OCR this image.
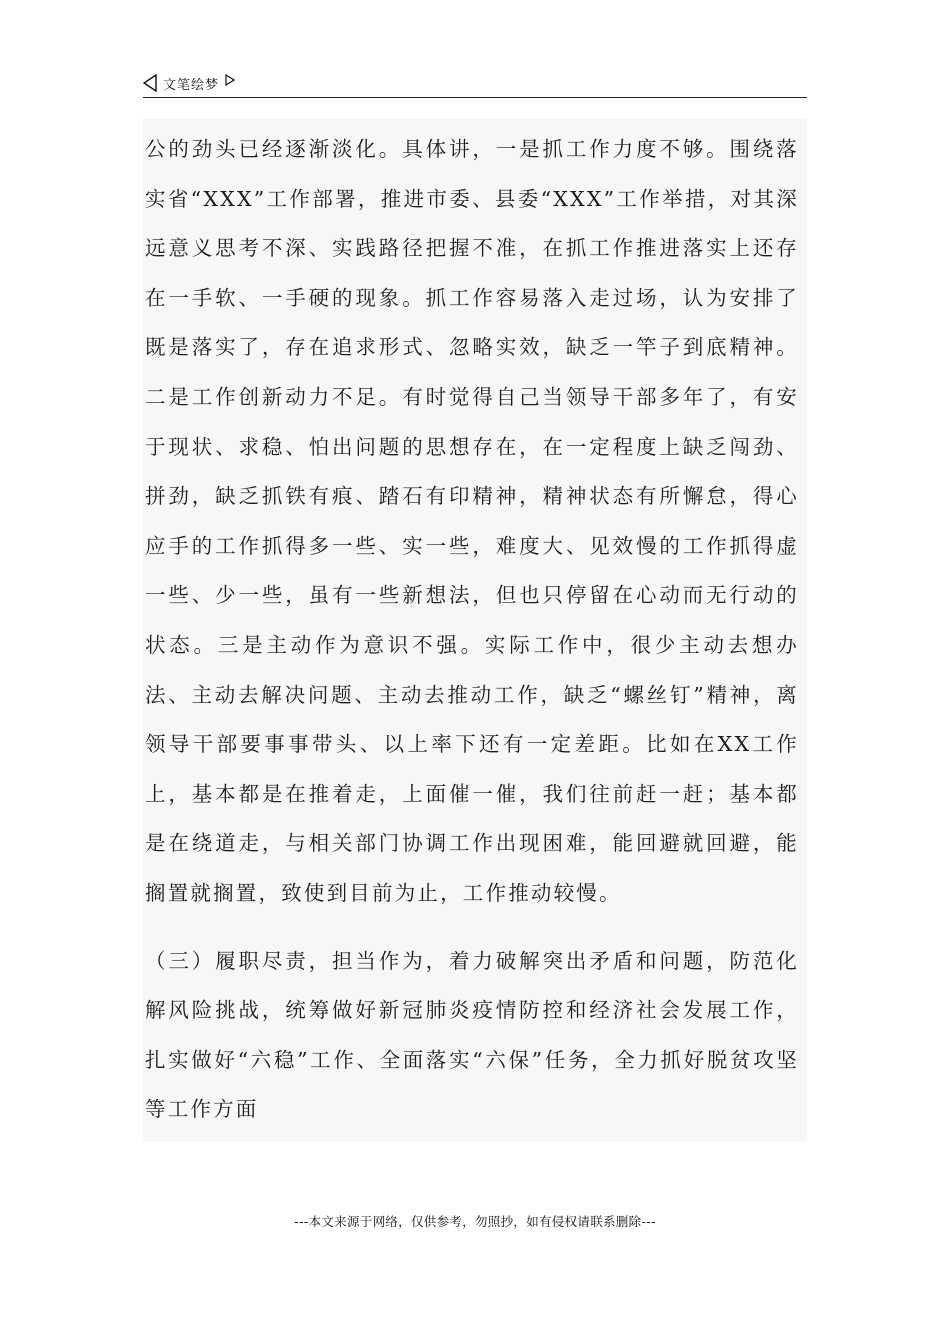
文笔绘梦

公的劲头已经逐渐淡化。具体讲，一是抓工作力度不够。围绕落实省“XXX”工作部署，推进市委、县委“XXX”工作举措，对其深远意义思考不深、实践路径把握不准，在抓工作推进落实上还存在一手软、一手硬的现象。抓工作容易落入走过场，认为安排了既是落实了，存在追求形式、忽略实效，缺乏一竿子到底精神。二是工作创新动力不足。有时觉得自己当领导干部多年了，有安于现状、求稳、怕出问题的思想存在，在一定程度上缺乏闯劲、拼劲，缺乏抓铁有痕、踏石有印精神，精神状态有所懈怠，得心应手的工作抓得多一些、实一些，难度大、见效慢的工作抓得虚一些、少一些，虽有一些新想法，但也只停留在心动而无行动的状态。三是主动作为意识不强。实际工作中，很少主动去想办法、主动去解决问题、主动去推动工作，缺乏“螺丝钉”精神，离领导干部要事事带头、以上率下还有一定差距。比如在XX工作上，基本都是在推着走，上面催一催，我们往前赶一赶；基本都是在绕道走，与相关部门协调工作出现困难，能回避就回避，能搁置就搁置，致使到目前为止，工作推动较慢。

（三）履职尽责，担当作为，着力破解突出矛盾和问题，防范化解风险挑战，统筹做好新冠肺炎疫情防控和经济社会发展工作，扎实做好“六稳”工作、全面落实“六保”任务，全力抓好脱贫攻坚等工作方面

---本文来源于网络，仅供参考，勿照抄，如有侵权请联系删除---
